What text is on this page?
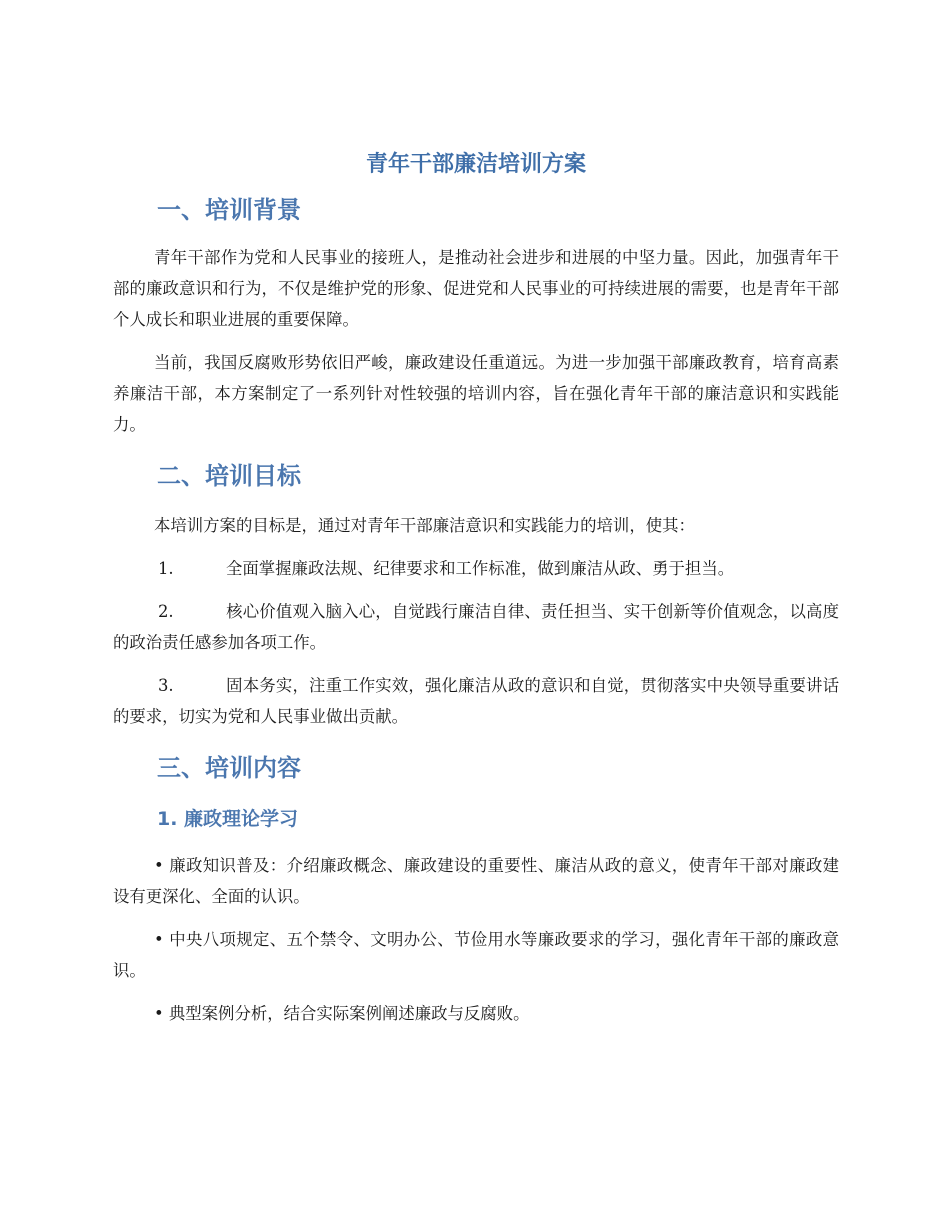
青年干部廉洁培训方案
一、培训背景

青年干部作为党和人民事业的接班人，是推动社会进步和进展的中坚力量。因此，加强青年干部的廉政意识和行为，不仅是维护党的形象、促进党和人民事业的可持续进展的需要，也是青年干部个人成长和职业进展的重要保障。

当前，我国反腐败形势依旧严峻，廉政建设任重道远。为进一步加强干部廉政教育，培育高素养廉洁干部，本方案制定了一系列针对性较强的培训内容，旨在强化青年干部的廉洁意识和实践能力。

二、培训目标

本培训方案的目标是，通过对青年干部廉洁意识和实践能力的培训，使其：

1.	全面掌握廉政法规、纪律要求和工作标准，做到廉洁从政、勇于担当。

2.	核心价值观入脑入心，自觉践行廉洁自律、责任担当、实干创新等价值观念，以高度的政治责任感参加各项工作。

3.	固本务实，注重工作实效，强化廉洁从政的意识和自觉，贯彻落实中央领导重要讲话的要求，切实为党和人民事业做出贡献。

三、培训内容
1. 廉政理论学习

• 廉政知识普及：介绍廉政概念、廉政建设的重要性、廉洁从政的意义，使青年干部对廉政建设有更深化、全面的认识。

• 中央八项规定、五个禁令、文明办公、节俭用水等廉政要求的学习，强化青年干部的廉政意识。

• 典型案例分析，结合实际案例阐述廉政与反腐败。
